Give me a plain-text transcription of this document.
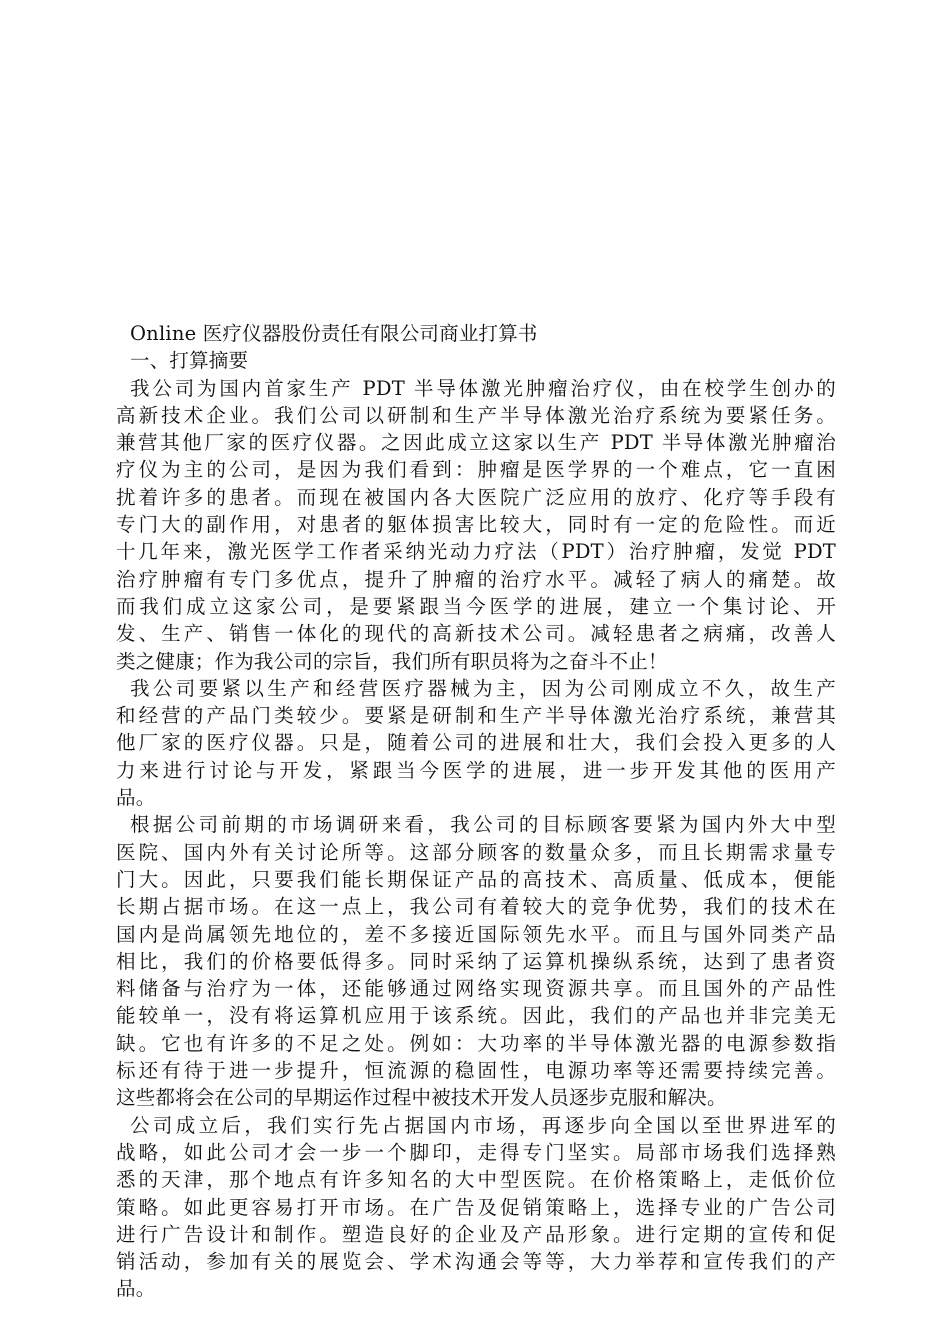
Online 医疗仪器股份责任有限公司商业打算书
一、打算摘要
我公司为国内首家生产 PDT 半导体激光肿瘤治疗仪，由在校学生创办的
高新技术企业。我们公司以研制和生产半导体激光治疗系统为要紧任务。
兼营其他厂家的医疗仪器。之因此成立这家以生产 PDT 半导体激光肿瘤治
疗仪为主的公司，是因为我们看到：肿瘤是医学界的一个难点，它一直困
扰着许多的患者。而现在被国内各大医院广泛应用的放疗、化疗等手段有
专门大的副作用，对患者的躯体损害比较大，同时有一定的危险性。而近
十几年来，激光医学工作者采纳光动力疗法（PDT）治疗肿瘤，发觉 PDT
治疗肿瘤有专门多优点，提升了肿瘤的治疗水平。减轻了病人的痛楚。故
而我们成立这家公司，是要紧跟当今医学的进展，建立一个集讨论、开
发、生产、销售一体化的现代的高新技术公司。减轻患者之病痛，改善人
类之健康；作为我公司的宗旨，我们所有职员将为之奋斗不止！
我公司要紧以生产和经营医疗器械为主，因为公司刚成立不久，故生产
和经营的产品门类较少。要紧是研制和生产半导体激光治疗系统，兼营其
他厂家的医疗仪器。只是，随着公司的进展和壮大，我们会投入更多的人
力来进行讨论与开发，紧跟当今医学的进展，进一步开发其他的医用产
品。
根据公司前期的市场调研来看，我公司的目标顾客要紧为国内外大中型
医院、国内外有关讨论所等。这部分顾客的数量众多，而且长期需求量专
门大。因此，只要我们能长期保证产品的高技术、高质量、低成本，便能
长期占据市场。在这一点上，我公司有着较大的竞争优势，我们的技术在
国内是尚属领先地位的，差不多接近国际领先水平。而且与国外同类产品
相比，我们的价格要低得多。同时采纳了运算机操纵系统，达到了患者资
料储备与治疗为一体，还能够通过网络实现资源共享。而且国外的产品性
能较单一，没有将运算机应用于该系统。因此，我们的产品也并非完美无
缺。它也有许多的不足之处。例如：大功率的半导体激光器的电源参数指
标还有待于进一步提升，恒流源的稳固性，电源功率等还需要持续完善。
这些都将会在公司的早期运作过程中被技术开发人员逐步克服和解决。
公司成立后，我们实行先占据国内市场，再逐步向全国以至世界进军的
战略，如此公司才会一步一个脚印，走得专门坚实。局部市场我们选择熟
悉的天津，那个地点有许多知名的大中型医院。在价格策略上，走低价位
策略。如此更容易打开市场。在广告及促销策略上，选择专业的广告公司
进行广告设计和制作。塑造良好的企业及产品形象。进行定期的宣传和促
销活动，参加有关的展览会、学术沟通会等等，大力举荐和宣传我们的产
品。
